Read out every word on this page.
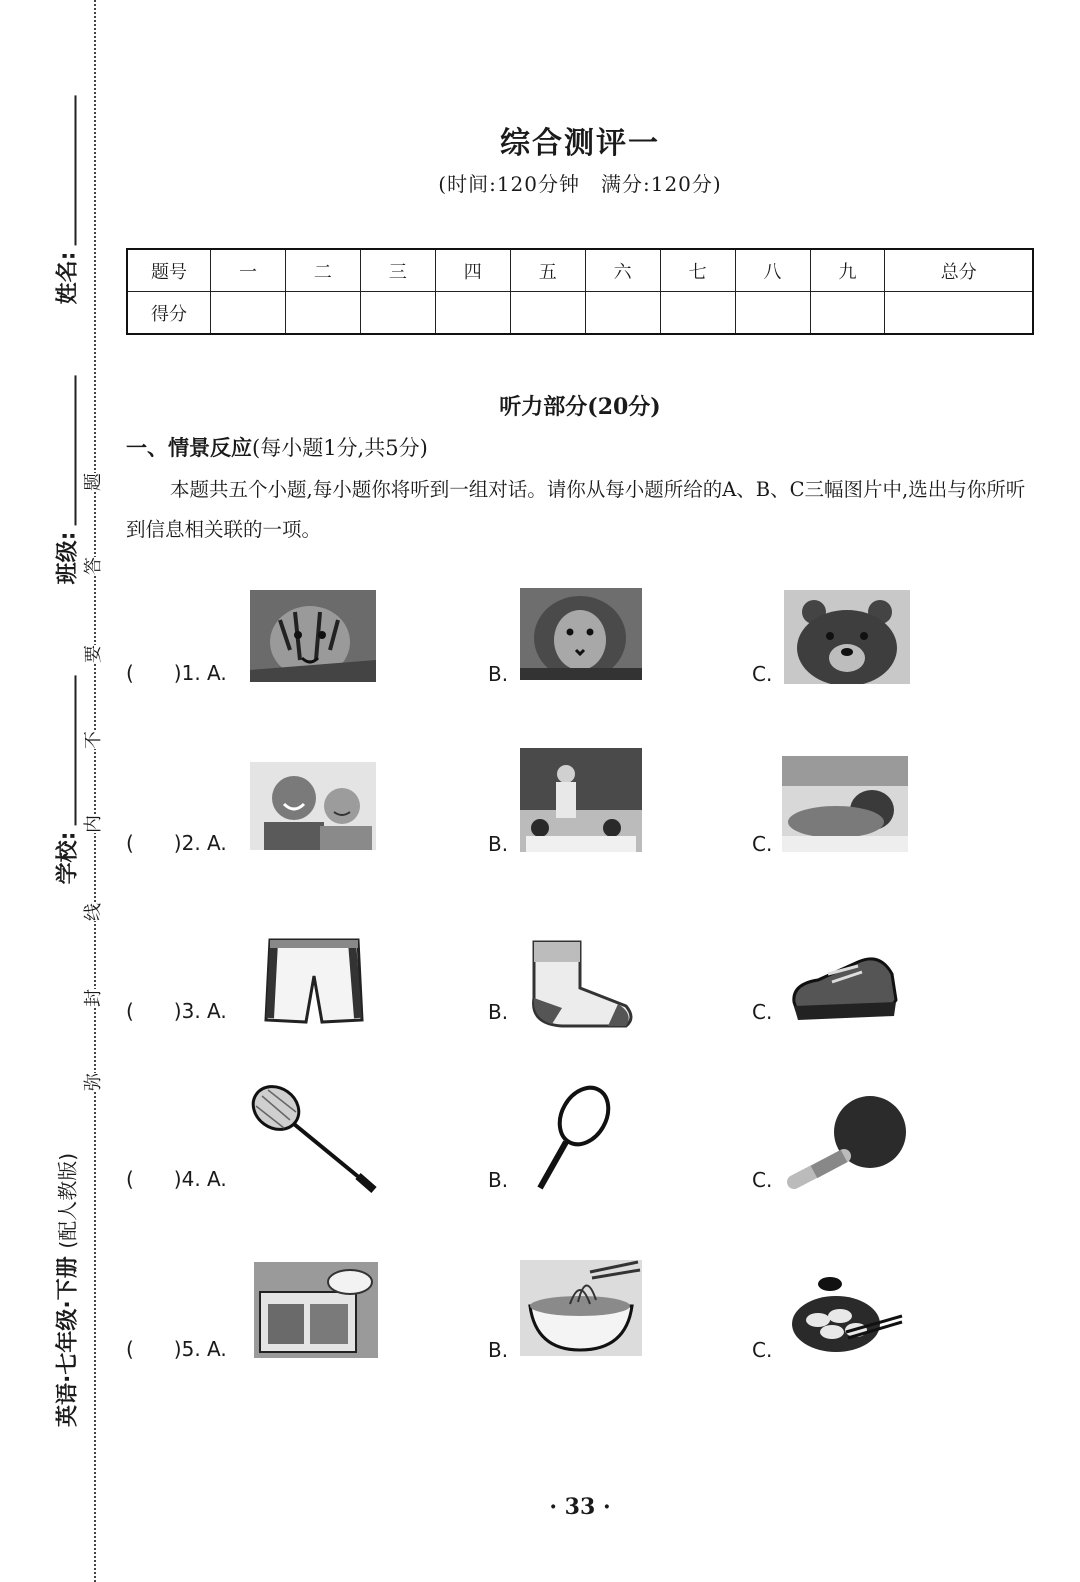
姓名:
班级:
学校:
题
答
要
不
内
线
封
弥
英语·七年级·下册 (配人教版)
综合测评一
(时间:120分钟　满分:120分)
题号	一	二	三	四	五	六	七	八	九	总分
得分										
听力部分(20分)
一、情景反应(每小题1分,共5分)
本题共五个小题,每小题你将听到一组对话。请你从每小题所给的A、B、C三幅图片中,选出与你所听到信息相关联的一项。
(　　)1. A.	B.	C.
(　　)2. A.	B.	C.
(　　)3. A.	B.	C.
(　　)4. A.	B.	C.
(　　)5. A.	B.	C.
· 33 ·
